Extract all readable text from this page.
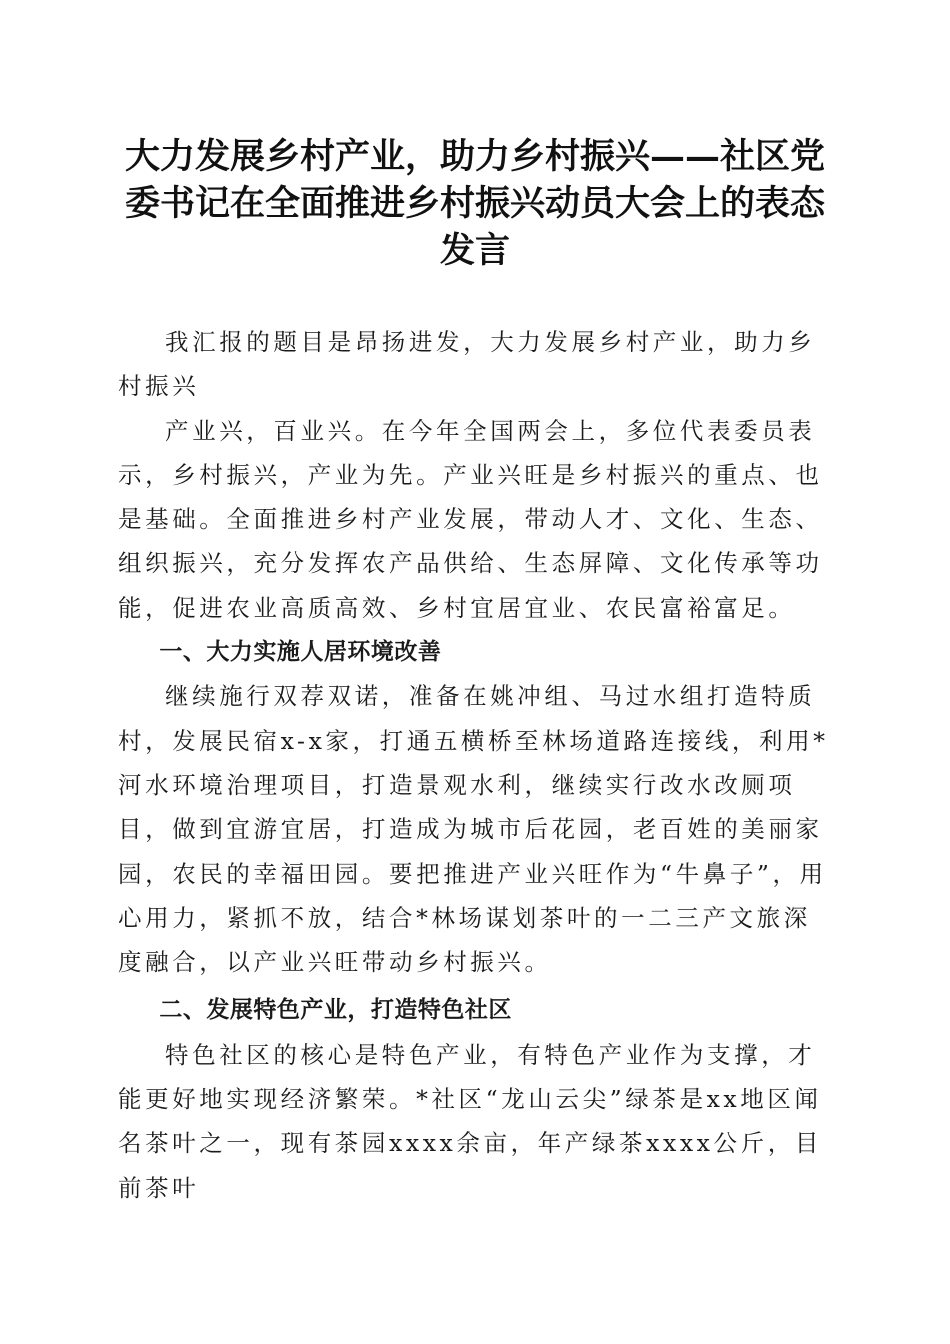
大力发展乡村产业，助力乡村振兴——社区党委书记在全面推进乡村振兴动员大会上的表态发言

我汇报的题目是昂扬进发，大力发展乡村产业，助力乡村振兴

产业兴，百业兴。在今年全国两会上，多位代表委员表示，乡村振兴，产业为先。产业兴旺是乡村振兴的重点、也是基础。全面推进乡村产业发展，带动人才、文化、生态、组织振兴，充分发挥农产品供给、生态屏障、文化传承等功能，促进农业高质高效、乡村宜居宜业、农民富裕富足。

一、大力实施人居环境改善

继续施行双荐双诺，准备在姚冲组、马过水组打造特质村，发展民宿x-x家，打通五横桥至林场道路连接线，利用*河水环境治理项目，打造景观水利，继续实行改水改厕项目，做到宜游宜居，打造成为城市后花园，老百姓的美丽家园，农民的幸福田园。要把推进产业兴旺作为“牛鼻子”，用心用力，紧抓不放，结合*林场谋划茶叶的一二三产文旅深度融合，以产业兴旺带动乡村振兴。

二、发展特色产业，打造特色社区

特色社区的核心是特色产业，有特色产业作为支撑，才能更好地实现经济繁荣。*社区“龙山云尖”绿茶是xx地区闻名茶叶之一，现有茶园xxxx余亩，年产绿茶xxxx公斤，目前茶叶
